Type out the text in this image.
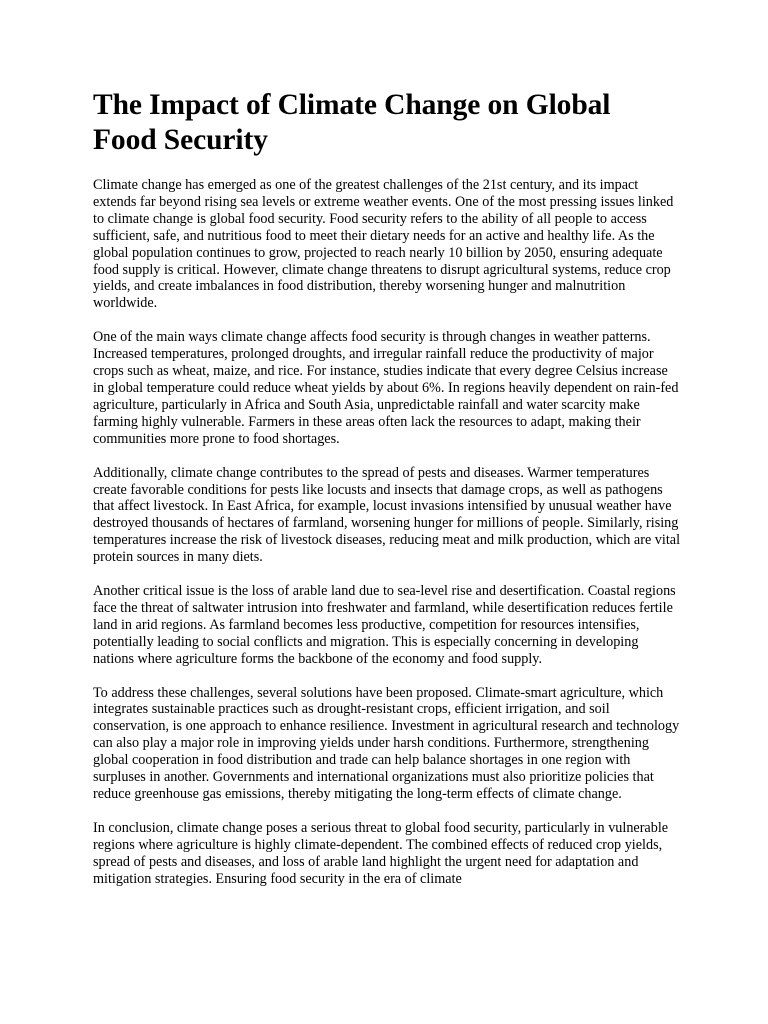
The Impact of Climate Change on Global Food Security

Climate change has emerged as one of the greatest challenges of the 21st century, and its impact extends far beyond rising sea levels or extreme weather events. One of the most pressing issues linked to climate change is global food security. Food security refers to the ability of all people to access sufficient, safe, and nutritious food to meet their dietary needs for an active and healthy life. As the global population continues to grow, projected to reach nearly 10 billion by 2050, ensuring adequate food supply is critical. However, climate change threatens to disrupt agricultural systems, reduce crop yields, and create imbalances in food distribution, thereby worsening hunger and malnutrition worldwide.

One of the main ways climate change affects food security is through changes in weather patterns. Increased temperatures, prolonged droughts, and irregular rainfall reduce the productivity of major crops such as wheat, maize, and rice. For instance, studies indicate that every degree Celsius increase in global temperature could reduce wheat yields by about 6%. In regions heavily dependent on rain-fed agriculture, particularly in Africa and South Asia, unpredictable rainfall and water scarcity make farming highly vulnerable. Farmers in these areas often lack the resources to adapt, making their communities more prone to food shortages.

Additionally, climate change contributes to the spread of pests and diseases. Warmer temperatures create favorable conditions for pests like locusts and insects that damage crops, as well as pathogens that affect livestock. In East Africa, for example, locust invasions intensified by unusual weather have destroyed thousands of hectares of farmland, worsening hunger for millions of people. Similarly, rising temperatures increase the risk of livestock diseases, reducing meat and milk production, which are vital protein sources in many diets.

Another critical issue is the loss of arable land due to sea-level rise and desertification. Coastal regions face the threat of saltwater intrusion into freshwater and farmland, while desertification reduces fertile land in arid regions. As farmland becomes less productive, competition for resources intensifies, potentially leading to social conflicts and migration. This is especially concerning in developing nations where agriculture forms the backbone of the economy and food supply.

To address these challenges, several solutions have been proposed. Climate-smart agriculture, which integrates sustainable practices such as drought-resistant crops, efficient irrigation, and soil conservation, is one approach to enhance resilience. Investment in agricultural research and technology can also play a major role in improving yields under harsh conditions. Furthermore, strengthening global cooperation in food distribution and trade can help balance shortages in one region with surpluses in another. Governments and international organizations must also prioritize policies that reduce greenhouse gas emissions, thereby mitigating the long-term effects of climate change.

In conclusion, climate change poses a serious threat to global food security, particularly in vulnerable regions where agriculture is highly climate-dependent. The combined effects of reduced crop yields, spread of pests and diseases, and loss of arable land highlight the urgent need for adaptation and mitigation strategies. Ensuring food security in the era of climate
